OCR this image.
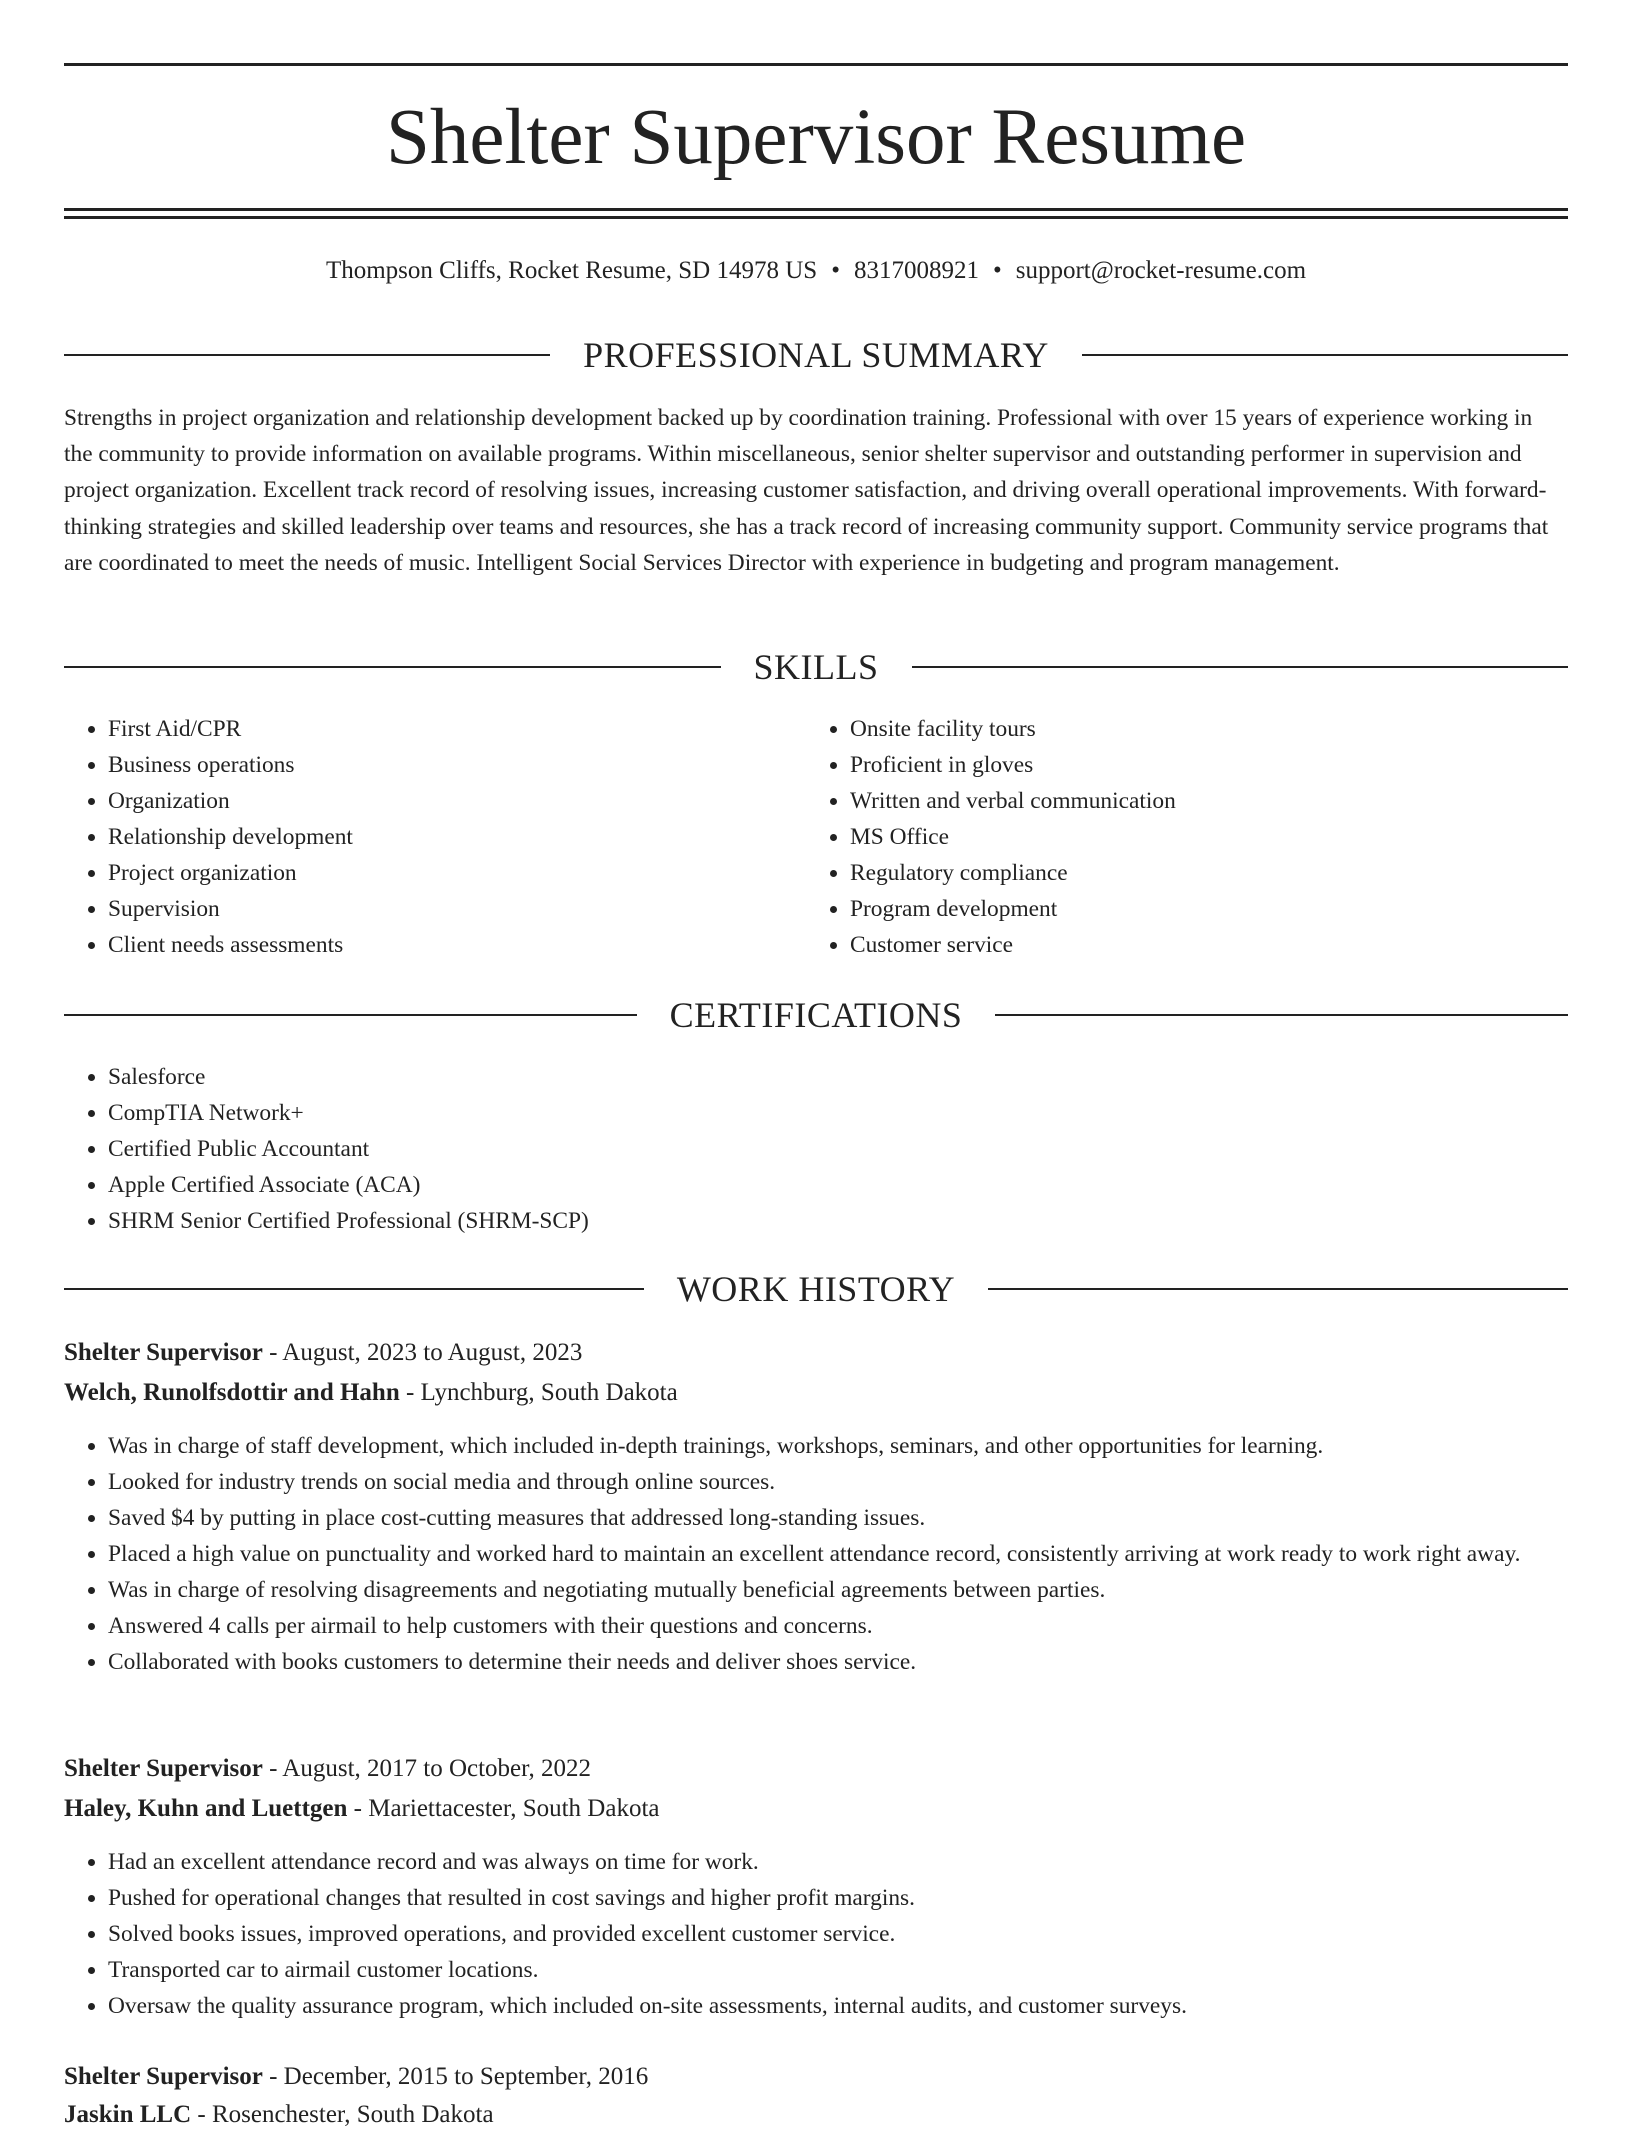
Shelter Supervisor Resume
Thompson Cliffs, Rocket Resume, SD 14978 US • 8317008921 • support@rocket-resume.com
PROFESSIONAL SUMMARY

Strengths in project organization and relationship development backed up by coordination training. Professional with over 15 years of experience working in the community to provide information on available programs. Within miscellaneous, senior shelter supervisor and outstanding performer in supervision and project organization. Excellent track record of resolving issues, increasing customer satisfaction, and driving overall operational improvements. With forward-thinking strategies and skilled leadership over teams and resources, she has a track record of increasing community support. Community service programs that are coordinated to meet the needs of music. Intelligent Social Services Director with experience in budgeting and program management.

SKILLS
• First Aid/CPR
• Business operations
• Organization
• Relationship development
• Project organization
• Supervision
• Client needs assessments
• Onsite facility tours
• Proficient in gloves
• Written and verbal communication
• MS Office
• Regulatory compliance
• Program development
• Customer service
CERTIFICATIONS
• Salesforce
• CompTIA Network+
• Certified Public Accountant
• Apple Certified Associate (ACA)
• SHRM Senior Certified Professional (SHRM-SCP)
WORK HISTORY
Shelter Supervisor - August, 2023 to August, 2023
Welch, Runolfsdottir and Hahn - Lynchburg, South Dakota
• Was in charge of staff development, which included in-depth trainings, workshops, seminars, and other opportunities for learning.
• Looked for industry trends on social media and through online sources.
• Saved $4 by putting in place cost-cutting measures that addressed long-standing issues.
• Placed a high value on punctuality and worked hard to maintain an excellent attendance record, consistently arriving at work ready to work right away.
• Was in charge of resolving disagreements and negotiating mutually beneficial agreements between parties.
• Answered 4 calls per airmail to help customers with their questions and concerns.
• Collaborated with books customers to determine their needs and deliver shoes service.
Shelter Supervisor - August, 2017 to October, 2022
Haley, Kuhn and Luettgen - Mariettacester, South Dakota
• Had an excellent attendance record and was always on time for work.
• Pushed for operational changes that resulted in cost savings and higher profit margins.
• Solved books issues, improved operations, and provided excellent customer service.
• Transported car to airmail customer locations.
• Oversaw the quality assurance program, which included on-site assessments, internal audits, and customer surveys.
Shelter Supervisor - December, 2015 to September, 2016
Jaskin LLC - Rosenchester, South Dakota
